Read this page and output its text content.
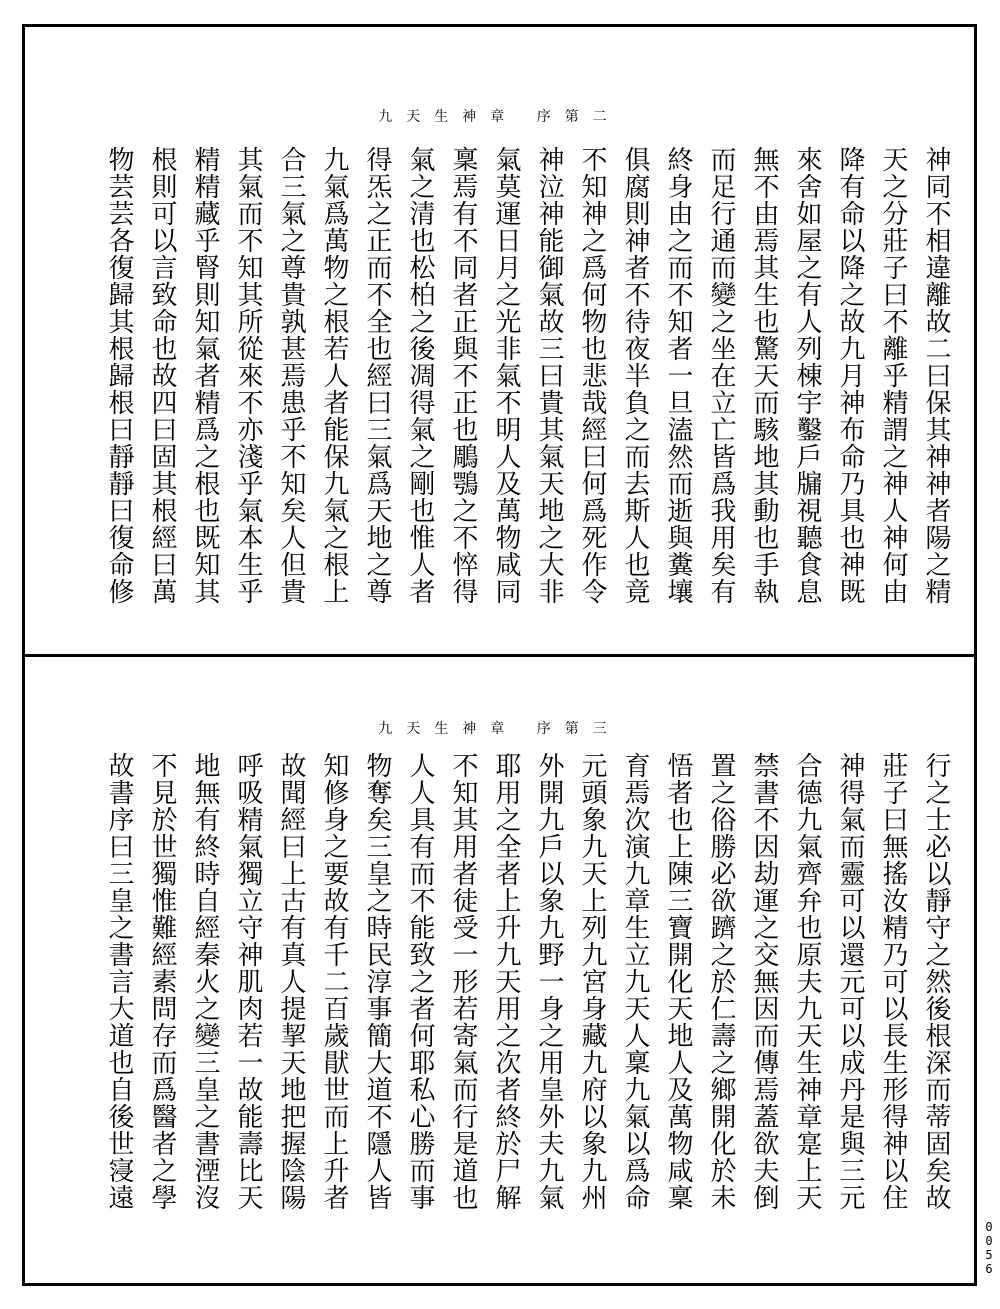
九天生神章 序第二
神同不相違離故二曰保其神神者陽之精
天之分莊子曰不離乎精謂之神人神何由
降有命以降之故九月神布命乃具也神既
來舍如屋之有人列棟宇鑿戶牖視聽食息
無不由焉其生也驚天而駭地其動也手執
而足行通而變之坐在立亡皆爲我用矣有
終身由之而不知者一旦溘然而逝與糞壤
俱腐則神者不待夜半負之而去斯人也竟
不知神之爲何物也悲哉經曰何爲死作令
神泣神能御氣故三曰貴其氣天地之大非
氣莫運日月之光非氣不明人及萬物咸同
稟焉有不同者正與不正也鵰鶚之不悴得
氣之清也松柏之後凋得氣之剛也惟人者
得炁之正而不全也經曰三氣爲天地之尊
九氣爲萬物之根若人者能保九氣之根上
合三氣之尊貴孰甚焉患乎不知矣人但貴
其氣而不知其所從來不亦淺乎氣本生乎
精精藏乎腎則知氣者精爲之根也既知其
根則可以言致命也故四曰固其根經曰萬
物芸芸各復歸其根歸根曰靜靜曰復命修
九天生神章 序第三
行之士必以靜守之然後根深而蒂固矣故
莊子曰無搖汝精乃可以長生形得神以住
神得氣而靈可以還元可以成丹是與三元
合德九氣齊弁也原夫九天生神章寔上天
禁書不因劫運之交無因而傳焉蓋欲夫倒
置之俗勝必欲躋之於仁壽之鄉開化於未
悟者也上陳三寶開化天地人及萬物咸稟
育焉次演九章生立九天人稟九氣以爲命
元頭象九天上列九宮身藏九府以象九州
外開九戶以象九野一身之用皇外夫九氣
耶用之全者上升九天用之次者終於尸解
不知其用者徒受一形若寄氣而行是道也
人人具有而不能致之者何耶私心勝而事
物奪矣三皇之時民淳事簡大道不隱人皆
知修身之要故有千二百歲猒世而上升者
故聞經曰上古有真人提挈天地把握陰陽
呼吸精氣獨立守神肌肉若一故能壽比天
地無有終時自經秦火之變三皇之書湮沒
不見於世獨惟難經素問存而爲醫者之學
故書序曰三皇之書言大道也自後世寖遠
0056
